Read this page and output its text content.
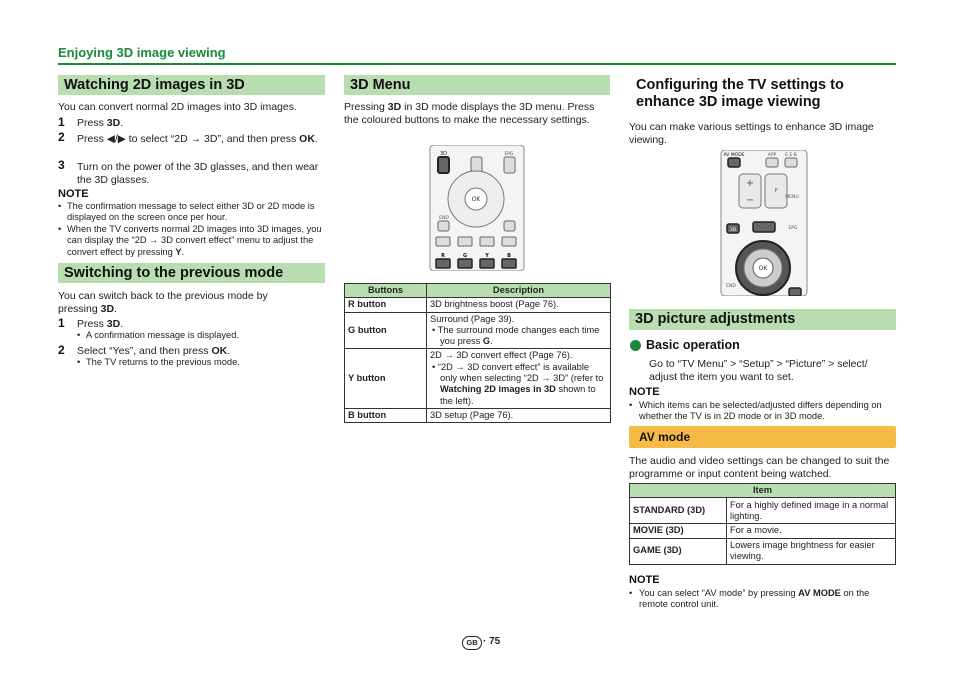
Enjoying 3D image viewing
Watching 2D images in 3D
You can convert normal 2D images into 3D images.
1 Press 3D.
2 Press ◀/▶ to select “2D → 3D”, and then press OK.
3 Turn on the power of the 3D glasses, and then wear the 3D glasses.
NOTE
• The confirmation message to select either 3D or 2D mode is displayed on the screen once per hour.
• When the TV converts normal 2D images into 3D images, you can display the “2D → 3D convert effect” menu to adjust the convert effect by pressing Y.
Switching to the previous mode
You can switch back to the previous mode by pressing 3D.
1 Press 3D.
• A confirmation message is displayed.
2 Select “Yes”, and then press OK.
• The TV returns to the previous mode.
3D Menu
Pressing 3D in 3D mode displays the 3D menu. Press the coloured buttons to make the necessary settings.
3D	EPG
OK
END
R	G	Y	B
Buttons	Description
R button	3D brightness boost (Page 76).
G button	Surround (Page 39).
• The surround mode changes each time you press G.

Y button	2D → 3D convert effect (Page 76).
• “2D → 3D convert effect” is available only when selecting “2D → 3D” (refer to Watching 2D images in 3D shown to the left).

B button	3D setup (Page 76).
Configuring the TV settings to enhance 3D image viewing
You can make various settings to enhance 3D image viewing.
AV MODE	APP E·E·B
+
−
P
MENU
3D	EPG
OK
END
3D picture adjustments
Basic operation
Go to “TV Menu” > “Setup” > “Picture” > select/ adjust the item you want to set.
NOTE
• Which items can be selected/adjusted differs depending on whether the TV is in 2D mode or in 3D mode.
AV mode
The audio and video settings can be changed to suit the programme or input content being watched.
Item	
STANDARD (3D)	For a highly defined image in a normal lighting.
MOVIE (3D)	For a movie.
GAME (3D)	Lowers image brightness for easier viewing.
NOTE
• You can select “AV mode” by pressing AV MODE on the remote control unit.
GB · 75
